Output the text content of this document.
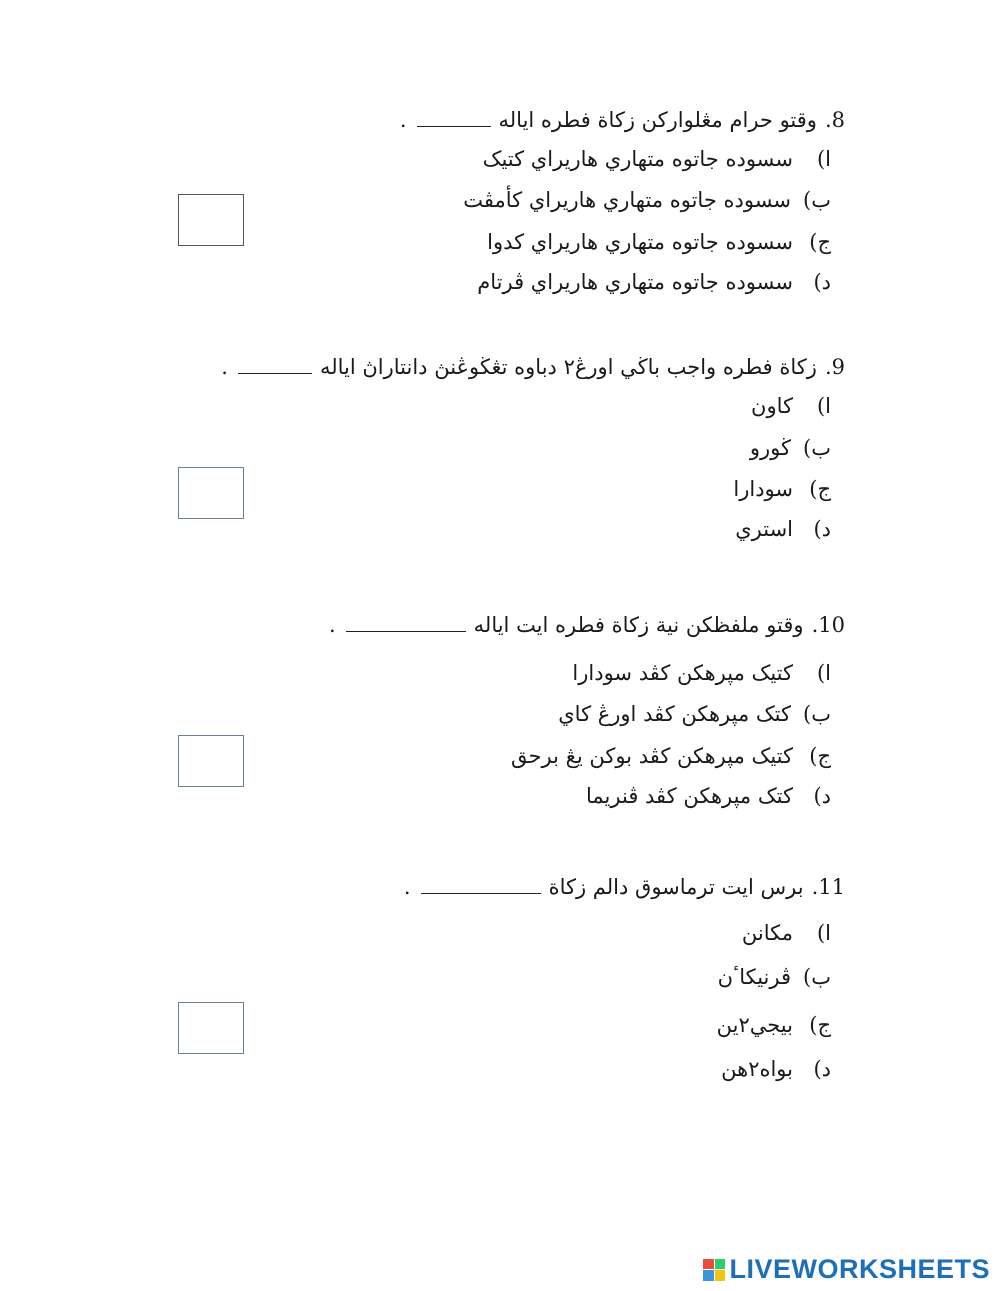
8.
وقتو حرام مڠلواركن زكاة فطره اياله
.
ا)
سسوده جاتوه متهاري هاريراي كتيک
ب)
سسوده جاتوه متهاري هاريراي كأمڤت
ج)
سسوده جاتوه متهاري هاريراي كدوا
د)
سسوده جاتوه متهاري هاريراي ڤرتام
9.
زكاة فطره واجب باڬي اورڠ٢ دباوه تڠڬوڠنڽ دانتاراڽ اياله
.
ا)
كاون
ب)
ڬورو
ج)
سودارا
د)
استري
10.
وقتو ملفظكن نية زكاة فطره ايت اياله
.
ا)
كتيک مپرهكن كڤد سودارا
ب)
كتک مپرهكن كڤد اورڠ كاي
ج)
كتيک مپرهكن كڤد بوكن يڠ برحق
د)
كتک مپرهكن كڤد ڤنريما
11.
برس ايت ترماسوق دالم زكاة
.
ا)
مكانن
ب)
ڤرنيكاٴن
ج)
بيجي٢ين
د)
بواه٢هن
LIVEWORKSHEETS
